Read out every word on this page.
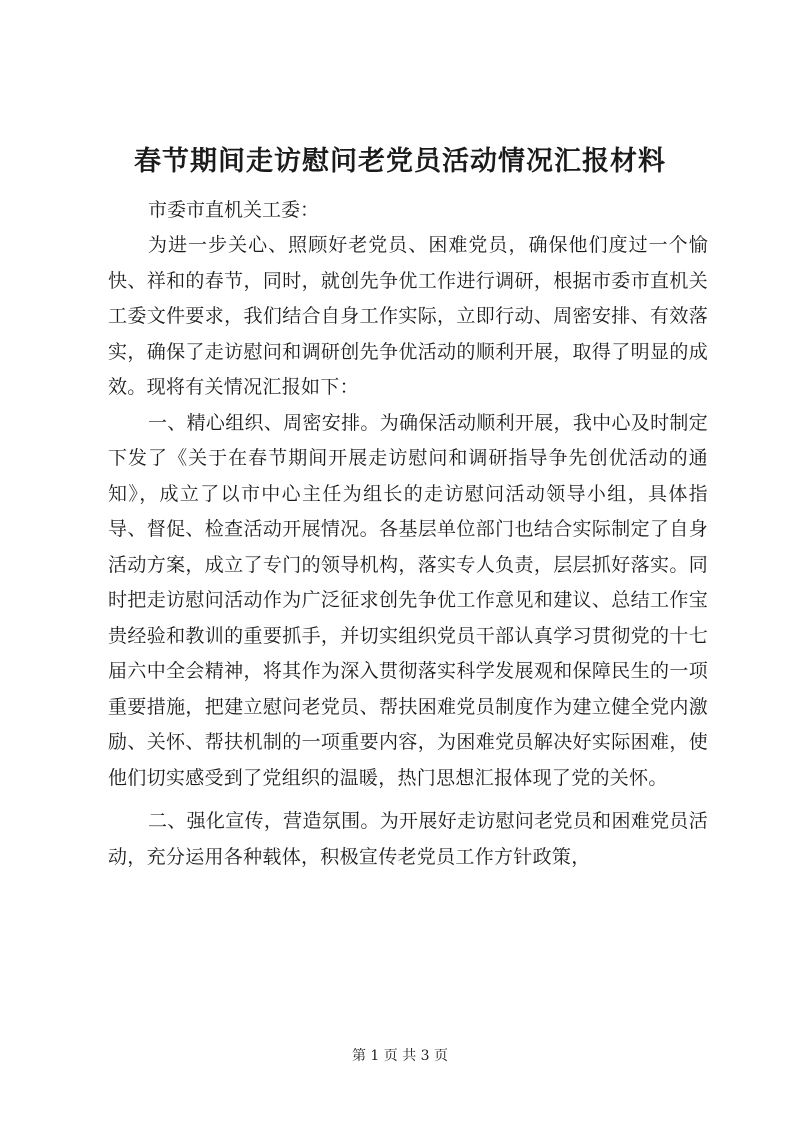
春节期间走访慰问老党员活动情况汇报材料

市委市直机关工委：

为进一步关心、照顾好老党员、困难党员，确保他们度过一个愉快、祥和的春节，同时，就创先争优工作进行调研，根据市委市直机关工委文件要求，我们结合自身工作实际，立即行动、周密安排、有效落实，确保了走访慰问和调研创先争优活动的顺利开展，取得了明显的成效。现将有关情况汇报如下：

一、精心组织、周密安排。为确保活动顺利开展，我中心及时制定下发了《关于在春节期间开展走访慰问和调研指导争先创优活动的通知》，成立了以市中心主任为组长的走访慰问活动领导小组，具体指导、督促、检查活动开展情况。各基层单位部门也结合实际制定了自身活动方案，成立了专门的领导机构，落实专人负责，层层抓好落实。同时把走访慰问活动作为广泛征求创先争优工作意见和建议、总结工作宝贵经验和教训的重要抓手，并切实组织党员干部认真学习贯彻党的十七届六中全会精神，将其作为深入贯彻落实科学发展观和保障民生的一项重要措施，把建立慰问老党员、帮扶困难党员制度作为建立健全党内激励、关怀、帮扶机制的一项重要内容，为困难党员解决好实际困难，使他们切实感受到了党组织的温暖，热门思想汇报体现了党的关怀。

二、强化宣传，营造氛围。为开展好走访慰问老党员和困难党员活动，充分运用各种载体，积极宣传老党员工作方针政策，

第 1 页 共 3 页
